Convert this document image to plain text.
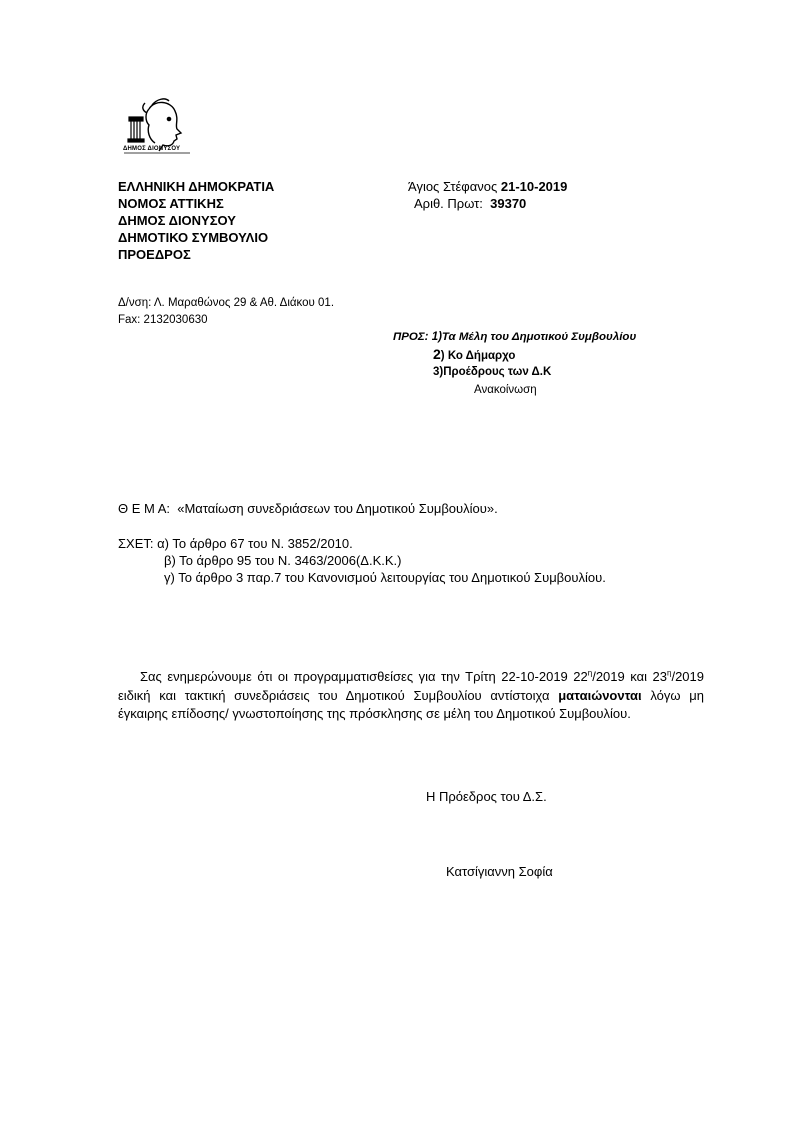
ΔΗΜΟΣ ΔΙΟΝΥΣΟΥ
ΕΛΛΗΝΙΚΗ ΔΗΜΟΚΡΑΤΙΑ
ΝΟΜΟΣ ΑΤΤΙΚΗΣ
ΔΗΜΟΣ ΔΙΟΝΥΣΟΥ
ΔΗΜΟΤΙΚΟ ΣΥΜΒΟΥΛΙΟ
ΠΡΟΕΔΡΟΣ
Άγιος Στέφανος 21-10-2019
Αριθ. Πρωτ: 39370
Δ/νση: Λ. Μαραθώνος 29 & Αθ. Διάκου 01.
Fax: 2132030630
ΠΡΟΣ: 1)Τα Μέλη του Δημοτικού Συμβουλίου
2) Κο Δήμαρχο
3)Προέδρους των Δ.Κ
Ανακοίνωση
Θ Ε Μ Α: «Ματαίωση συνεδριάσεων του Δημοτικού Συμβουλίου».
ΣΧΕΤ: α) Το άρθρο 67 του Ν. 3852/2010.
β) Το άρθρο 95 του Ν. 3463/2006(Δ.Κ.Κ.)
γ) Το άρθρο 3 παρ.7 του Κανονισμού λειτουργίας του Δημοτικού Συμβουλίου.
Σας ενημερώνουμε ότι οι προγραμματισθείσες για την Τρίτη 22-10-2019 $22^\eta/2019$ και $23^\eta/2019$ ειδική και τακτική συνεδριάσεις του Δημοτικού Συμβουλίου αντίστοιχα ματαιώνονται λόγω μη έγκαιρης επίδοσης/ γνωστοποίησης της πρόσκλησης σε μέλη του Δημοτικού Συμβουλίου.
Η Πρόεδρος του Δ.Σ.
Κατσίγιαννη Σοφία
